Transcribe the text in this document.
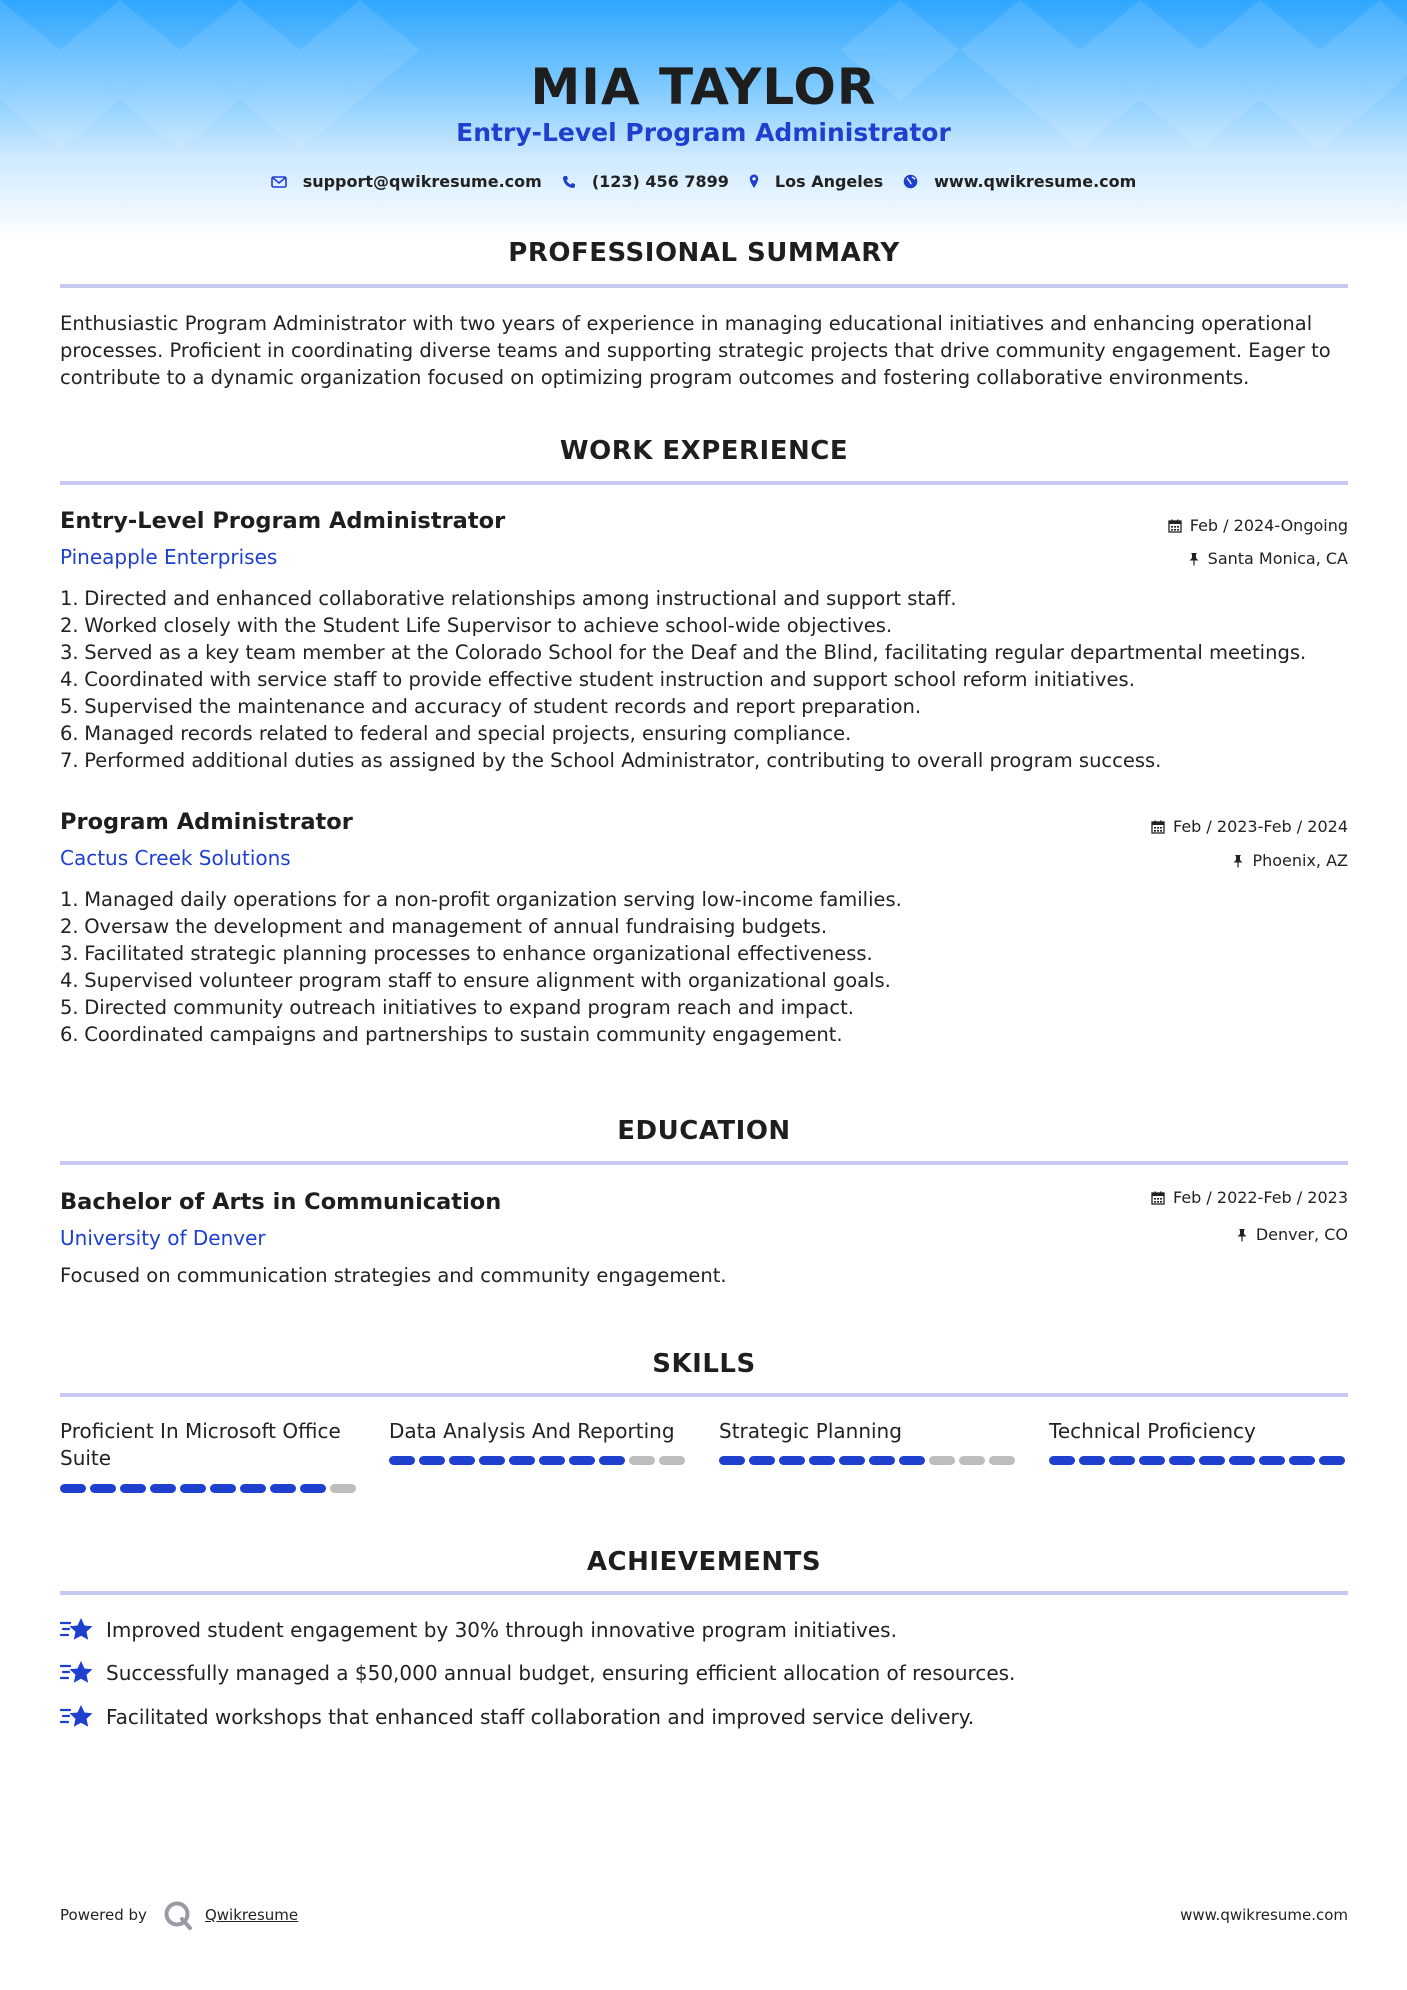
MIA TAYLOR
Entry-Level Program Administrator
support@qwikresume.com	(123) 456 7899	Los Angeles	www.qwikresume.com
PROFESSIONAL SUMMARY
Enthusiastic Program Administrator with two years of experience in managing educational initiatives and enhancing operational processes. Proficient in coordinating diverse teams and supporting strategic projects that drive community engagement. Eager to contribute to a dynamic organization focused on optimizing program outcomes and fostering collaborative environments.
WORK EXPERIENCE
Entry-Level Program Administrator
Pineapple Enterprises
Feb / 2024-Ongoing
Santa Monica, CA
1.
Directed and enhanced collaborative relationships among instructional and support staff.
2.
Worked closely with the Student Life Supervisor to achieve school-wide objectives.
3.
Served as a key team member at the Colorado School for the Deaf and the Blind, facilitating regular departmental meetings.
4.
Coordinated with service staff to provide effective student instruction and support school reform initiatives.
5.
Supervised the maintenance and accuracy of student records and report preparation.
6.
Managed records related to federal and special projects, ensuring compliance.
7.
Performed additional duties as assigned by the School Administrator, contributing to overall program success.
Program Administrator
Cactus Creek Solutions
Feb / 2023-Feb / 2024
Phoenix, AZ
1.
Managed daily operations for a non-profit organization serving low-income families.
2.
Oversaw the development and management of annual fundraising budgets.
3.
Facilitated strategic planning processes to enhance organizational effectiveness.
4.
Supervised volunteer program staff to ensure alignment with organizational goals.
5.
Directed community outreach initiatives to expand program reach and impact.
6.
Coordinated campaigns and partnerships to sustain community engagement.
EDUCATION
Bachelor of Arts in Communication
University of Denver
Feb / 2022-Feb / 2023
Denver, CO
Focused on communication strategies and community engagement.
SKILLS
Proficient In Microsoft Office Suite
Data Analysis And Reporting	Strategic Planning	Technical Proficiency
ACHIEVEMENTS
Improved student engagement by 30% through innovative program initiatives.
Successfully managed a $50,000 annual budget, ensuring efficient allocation of resources.
Facilitated workshops that enhanced staff collaboration and improved service delivery.
Powered by	Qwikresume	www.qwikresume.com
